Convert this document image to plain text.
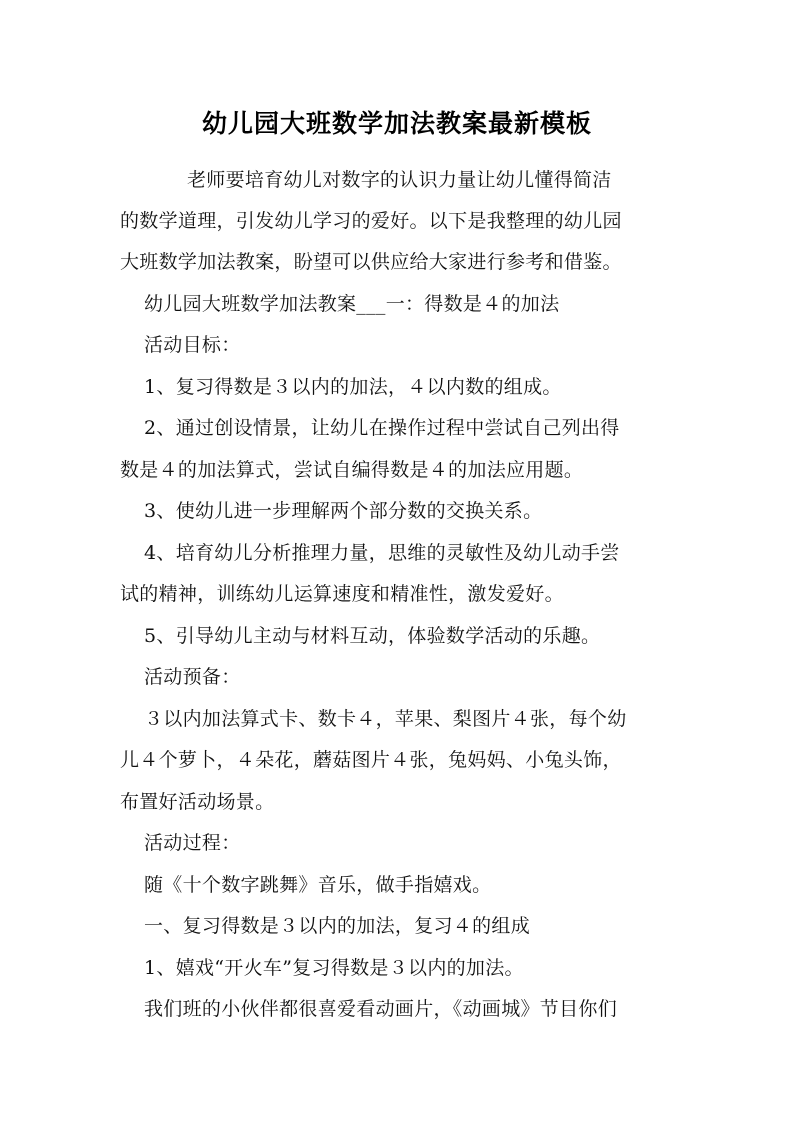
幼儿园大班数学加法教案最新模板
老师要培育幼儿对数字的认识力量让幼儿懂得简洁
的数学道理，引发幼儿学习的爱好。以下是我整理的幼儿园
大班数学加法教案，盼望可以供应给大家进行参考和借鉴。
幼儿园大班数学加法教案___一：得数是４的加法
活动目标：
1、复习得数是３以内的加法，４以内数的组成。
2、通过创设情景，让幼儿在操作过程中尝试自己列出得
数是４的加法算式，尝试自编得数是４的加法应用题。
3、使幼儿进一步理解两个部分数的交换关系。
4、培育幼儿分析推理力量，思维的灵敏性及幼儿动手尝
试的精神，训练幼儿运算速度和精准性，激发爱好。
5、引导幼儿主动与材料互动，体验数学活动的乐趣。
活动预备：
３以内加法算式卡、数卡４，苹果、梨图片４张，每个幼
儿４个萝卜，４朵花，蘑菇图片４张，兔妈妈、小兔头饰，
布置好活动场景。
活动过程：
随《十个数字跳舞》音乐，做手指嬉戏。
一、复习得数是３以内的加法，复习４的组成
1、嬉戏“开火车”复习得数是３以内的加法。
我们班的小伙伴都很喜爱看动画片，《动画城》节目你们
